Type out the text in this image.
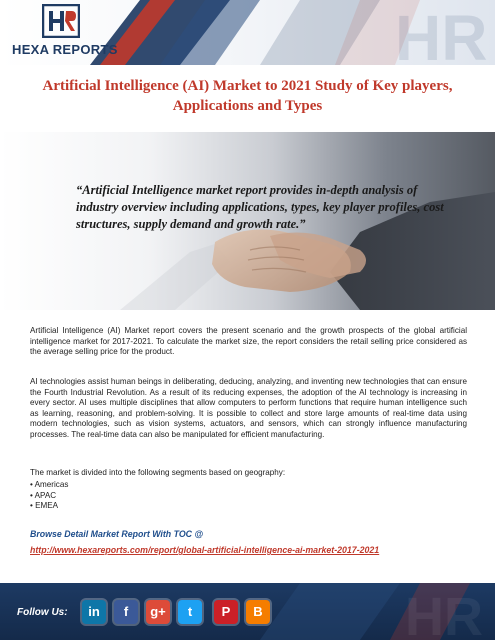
HR
HEXA REPORTS
Artificial Intelligence (AI) Market to 2021 Study of Key players, Applications and Types
“Artificial Intelligence market report provides in-depth analysis of industry overview including applications, types, key player profiles, cost structures, supply demand and growth rate.”
Artificial Intelligence (AI) Market report covers the present scenario and the growth prospects of the global artificial intelligence market for 2017-2021. To calculate the market size, the report considers the retail selling price considered as the average selling price for the product.
AI technologies assist human beings in deliberating, deducing, analyzing, and inventing new technologies that can ensure the Fourth Industrial Revolution. As a result of its reducing expenses, the adoption of the AI technology is increasing in every sector. AI uses multiple disciplines that allow computers to perform functions that require human intelligence such as learning, reasoning, and problem-solving. It is possible to collect and store large amounts of real-time data using modern technologies, such as vision systems, actuators, and sensors, which can strongly influence manufacturing processes. The real-time data can also be manipulated for efficient manufacturing.
The market is divided into the following segments based on geography:
• Americas
• APAC
• EMEA
Browse Detail Market Report With TOC @
http://www.hexareports.com/report/global-artificial-intelligence-ai-market-2017-2021
HR
Follow Us:	in	f	g+	t	P	B
